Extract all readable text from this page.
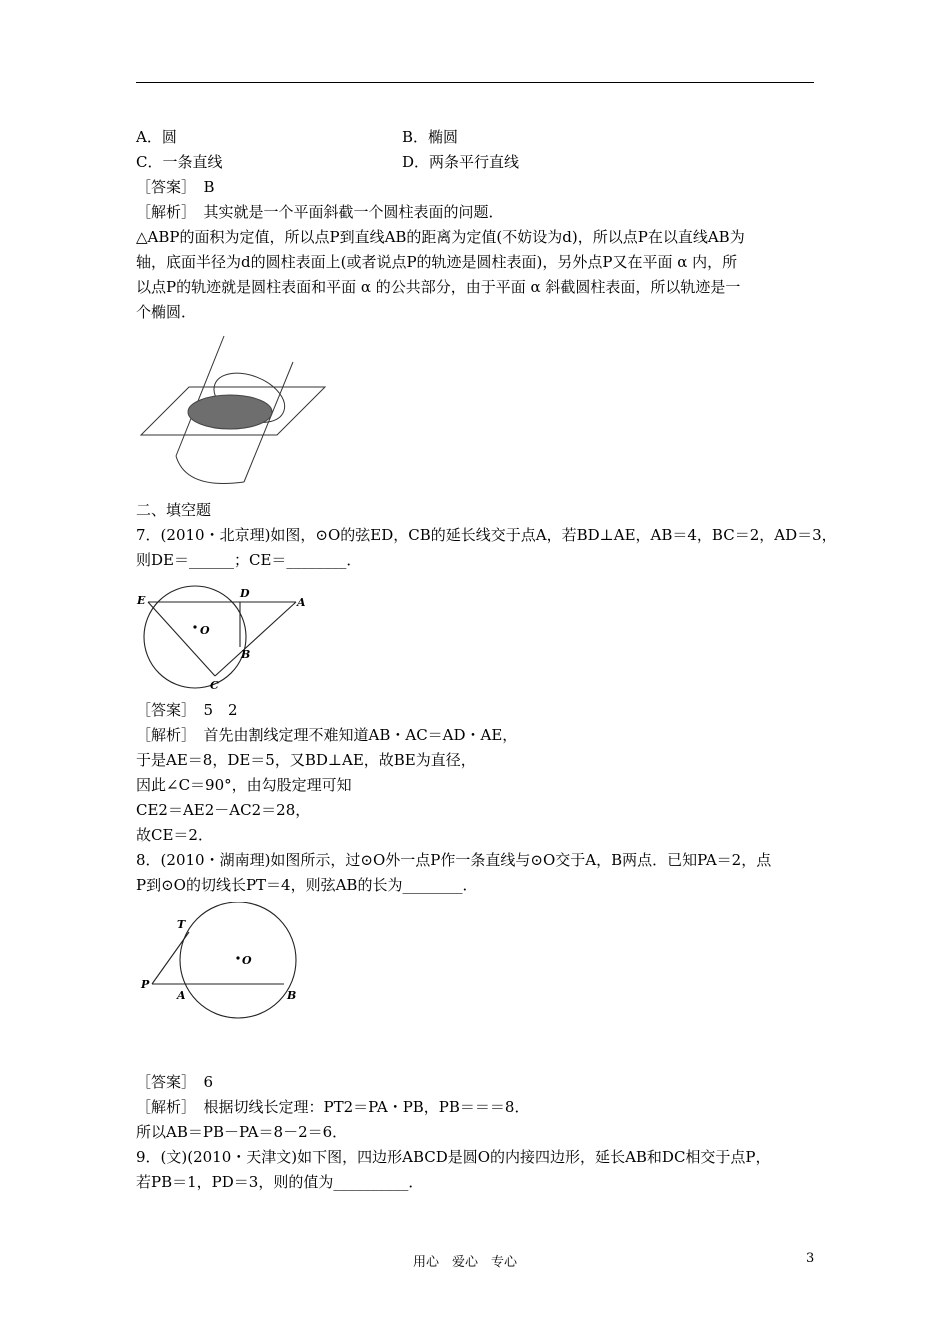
A．圆	B．椭圆
C．一条直线	D．两条平行直线
［答案］　B
［解析］　其实就是一个平面斜截一个圆柱表面的问题．
△ABP的面积为定值，所以点P到直线AB的距离为定值(不妨设为d)，所以点P在以直线AB为
轴，底面半径为d的圆柱表面上(或者说点P的轨迹是圆柱表面)，另外点P又在平面 α 内，所
以点P的轨迹就是圆柱表面和平面 α 的公共部分，由于平面 α 斜截圆柱表面，所以轨迹是一
个椭圆．
二、填空题
7．(2010・北京理)如图，⊙O的弦ED，CB的延长线交于点A，若BD⊥AE，AB＝4，BC＝2，AD＝3，
则DE＝______；CE＝________．
E
D
A
O
B
C
［答案］　5　2
［解析］　首先由割线定理不难知道AB・AC＝AD・AE，
于是AE＝8，DE＝5，又BD⊥AE，故BE为直径，
因此∠C＝90°，由勾股定理可知
CE2＝AE2－AC2＝28，
故CE＝2．
8．(2010・湖南理)如图所示，过⊙O外一点P作一条直线与⊙O交于A，B两点．已知PA＝2，点
P到⊙O的切线长PT＝4，则弦AB的长为________．
T
O
P
A	B
［答案］　6
［解析］　根据切线长定理：PT2＝PA・PB，PB＝＝＝8．
所以AB＝PB－PA＝8－2＝6．
9．(文)(2010・天津文)如下图，四边形ABCD是圆O的内接四边形，延长AB和DC相交于点P，
若PB＝1，PD＝3，则的值为__________．
用心　爱心　专心	3
